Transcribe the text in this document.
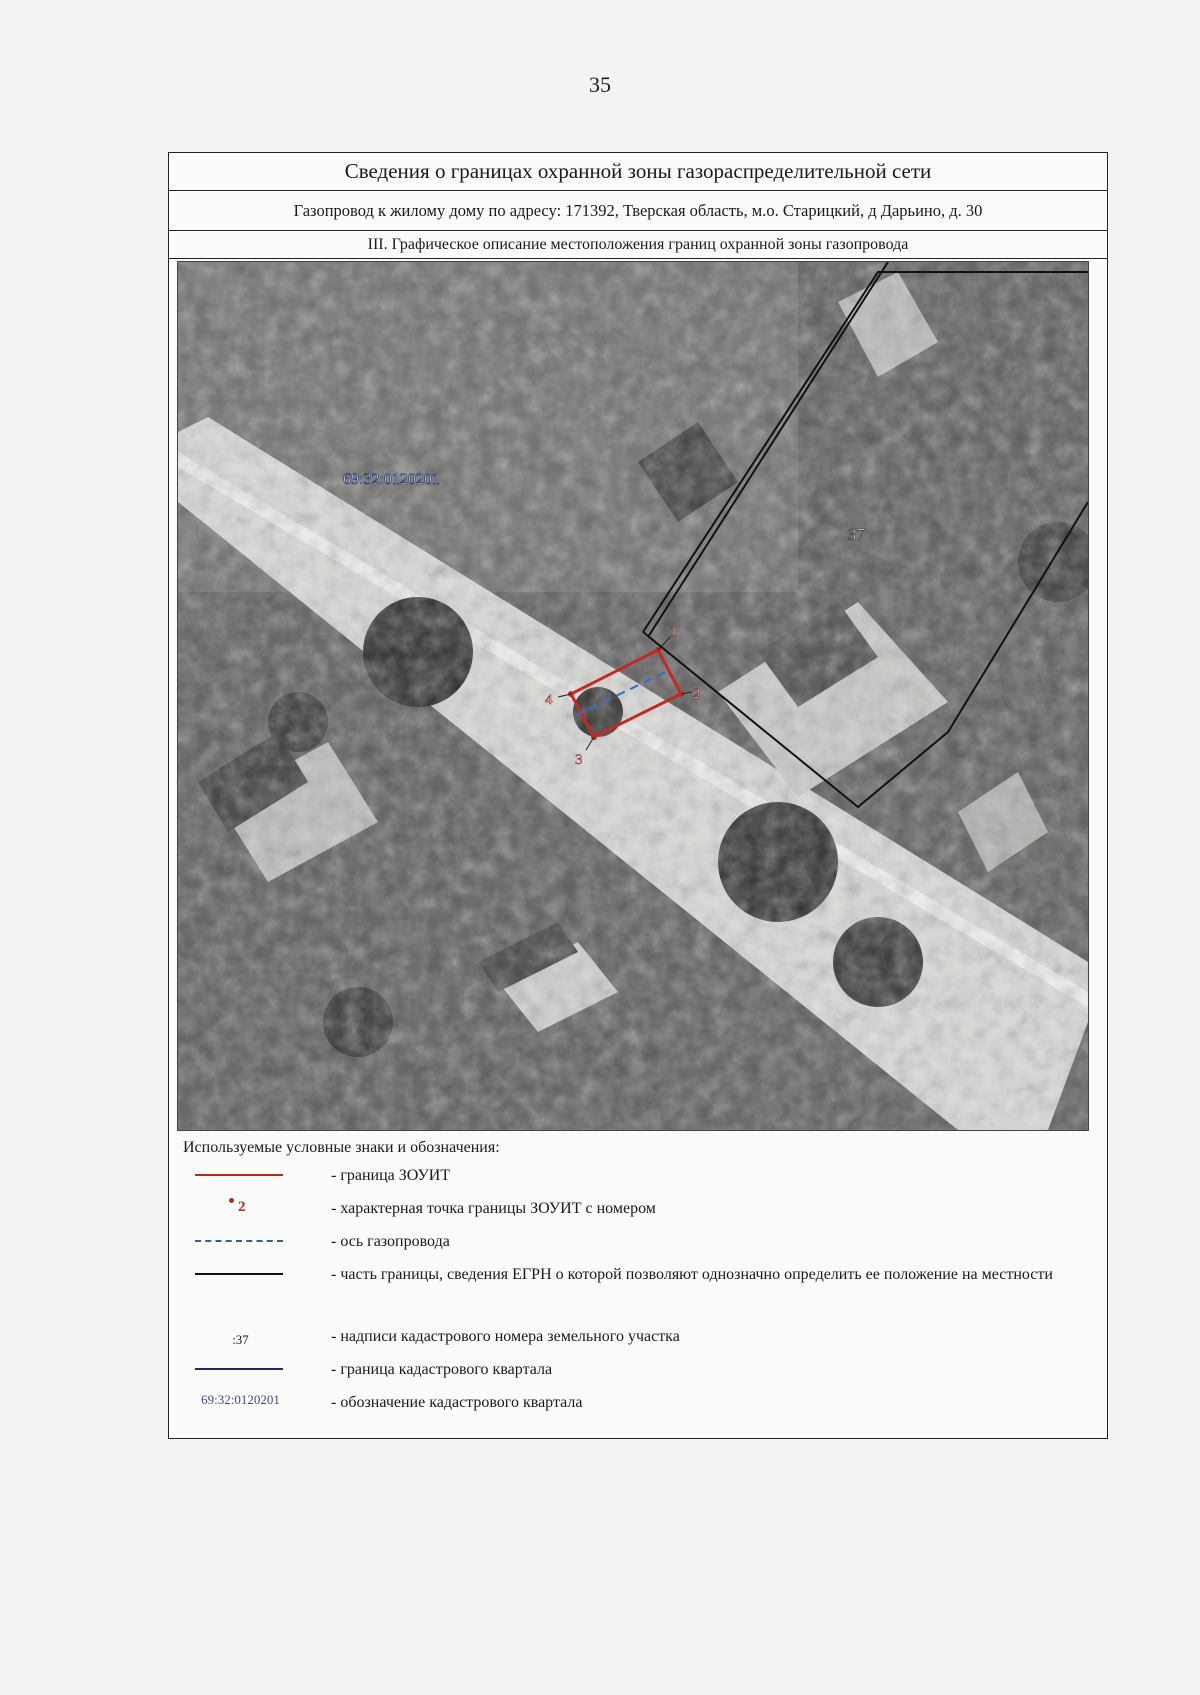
35
Сведения о границах охранной зоны газораспределительной сети
Газопровод к жилому дому по адресу: 171392, Тверская область, м.о. Старицкий, д Дарьино, д. 30
III. Графическое описание местоположения границ охранной зоны газопровода
69:32:0120201
:37
1
2
3
4
Используемые условные знаки и обозначения:
- граница ЗОУИТ
2	- характерная точка границы ЗОУИТ с номером
- ось газопровода
- часть границы, сведения ЕГРН о которой позволяют однозначно определить ее положение на местности
:37	- надписи кадастрового номера земельного участка
- граница кадастрового квартала
69:32:0120201	- обозначение кадастрового квартала
